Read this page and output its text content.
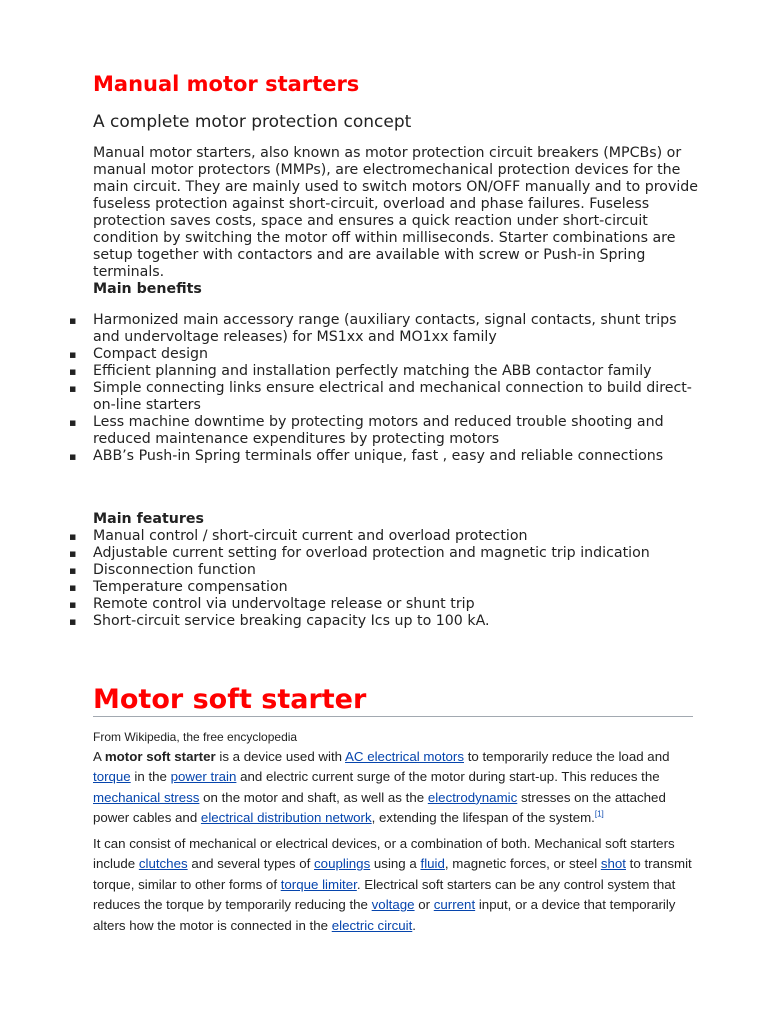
Manual motor starters
A complete motor protection concept

Manual motor starters, also known as motor protection circuit breakers (MPCBs) or manual motor protectors (MMPs), are electromechanical protection devices for the main circuit. They are mainly used to switch motors ON/OFF manually and to provide fuseless protection against short-circuit, overload and phase failures. Fuseless protection saves costs, space and ensures a quick reaction under short-circuit condition by switching the motor off within milliseconds. Starter combinations are setup together with contactors and are available with screw or Push-in Spring terminals.

Main benefits

▪ Harmonized main accessory range (auxiliary contacts, signal contacts, shunt trips and undervoltage releases) for MS1xx and MO1xx family
▪ Compact design
▪ Efficient planning and installation perfectly matching the ABB contactor family
▪ Simple connecting links ensure electrical and mechanical connection to build direct-on-line starters
▪ Less machine downtime by protecting motors and reduced trouble shooting and reduced maintenance expenditures by protecting motors
▪ ABB’s Push-in Spring terminals offer unique, fast , easy and reliable connections

Main features

▪ Manual control / short-circuit current and overload protection
▪ Adjustable current setting for overload protection and magnetic trip indication
▪ Disconnection function
▪ Temperature compensation
▪ Remote control via undervoltage release or shunt trip
▪ Short-circuit service breaking capacity Ics up to 100 kA.
Motor soft starter

From Wikipedia, the free encyclopedia

A motor soft starter is a device used with AC electrical motors to temporarily reduce the load and torque in the power train and electric current surge of the motor during start-up. This reduces the mechanical stress on the motor and shaft, as well as the electrodynamic stresses on the attached power cables and electrical distribution network, extending the lifespan of the system.[1]

It can consist of mechanical or electrical devices, or a combination of both. Mechanical soft starters include clutches and several types of couplings using a fluid, magnetic forces, or steel shot to transmit torque, similar to other forms of torque limiter. Electrical soft starters can be any control system that reduces the torque by temporarily reducing the voltage or current input, or a device that temporarily alters how the motor is connected in the electric circuit.
